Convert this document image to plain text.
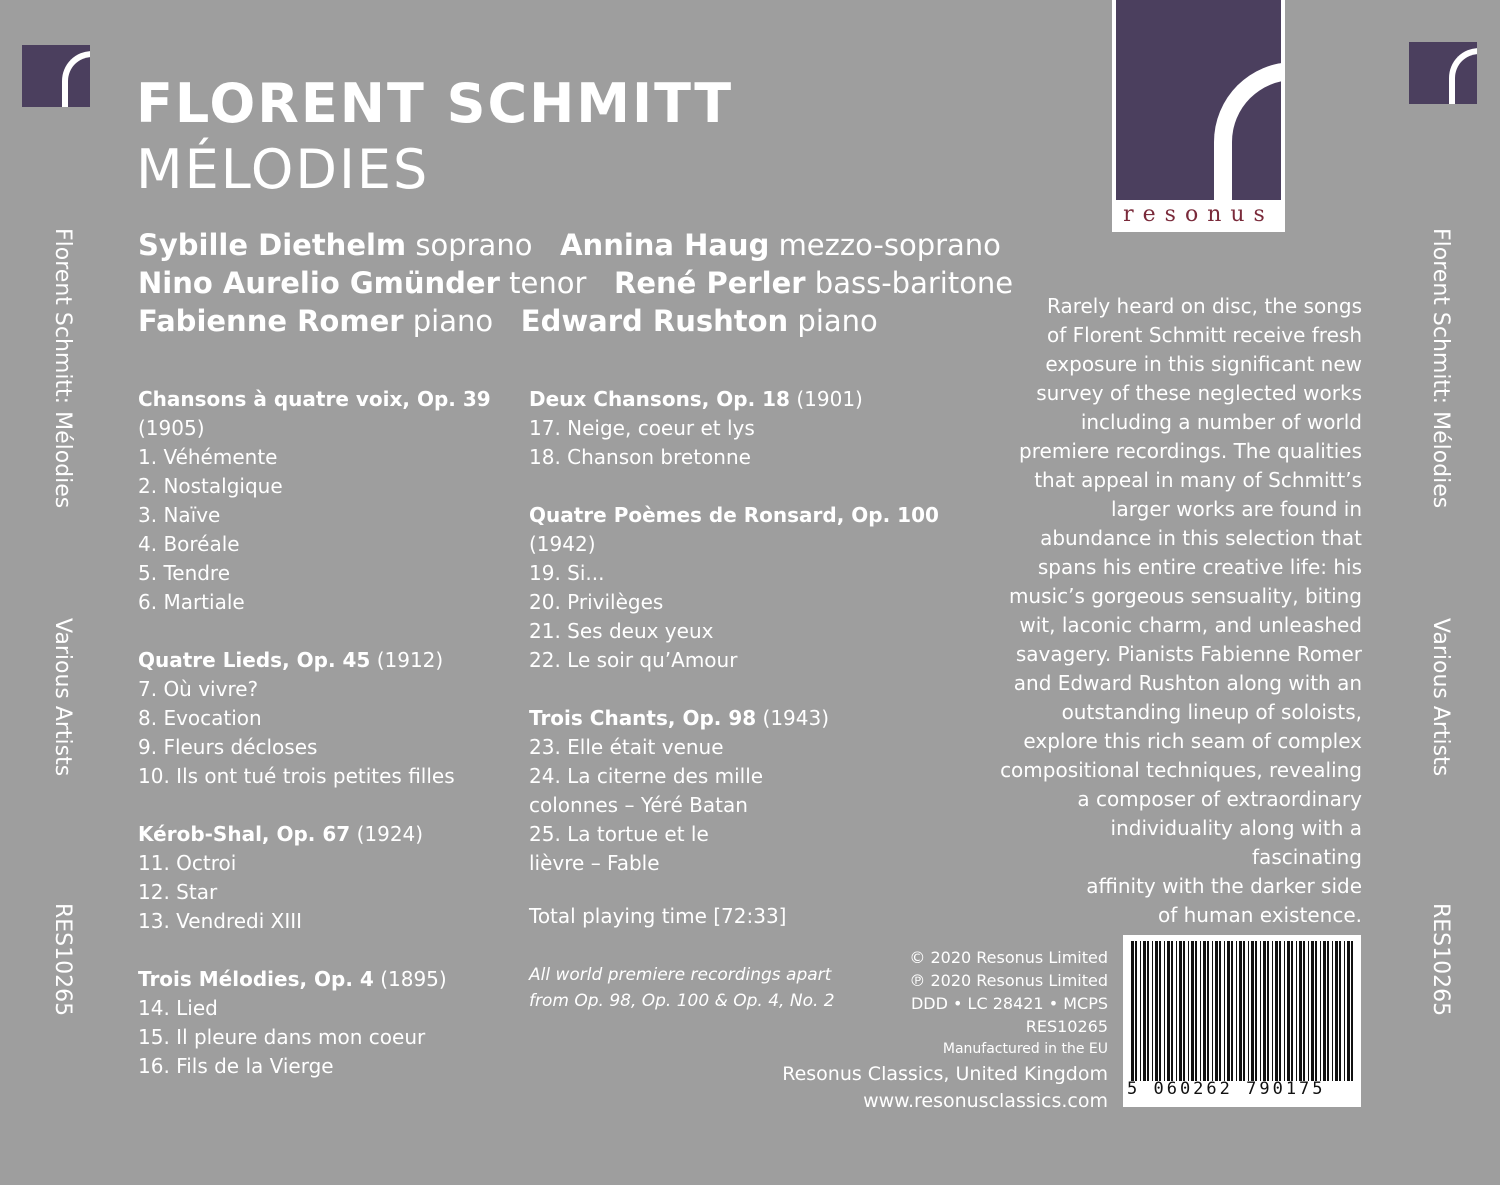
resonus
FLORENT SCHMITT
MÉLODIES
Sybille Diethelm soprano Annina Haug mezzo-soprano
Nino Aurelio Gmünder tenor René Perler bass-baritone
Fabienne Romer piano Edward Rushton piano
Chansons à quatre voix, Op. 39 (1905)
1. Véhémente
2. Nostalgique
3. Naïve
4. Boréale
5. Tendre
6. Martiale
Quatre Lieds, Op. 45 (1912)
7. Où vivre?
8. Evocation
9. Fleurs décloses
10. Ils ont tué trois petites filles
Kérob-Shal, Op. 67 (1924)
11. Octroi
12. Star
13. Vendredi XIII
Trois Mélodies, Op. 4 (1895)
14. Lied
15. Il pleure dans mon coeur
16. Fils de la Vierge
Deux Chansons, Op. 18 (1901)
17. Neige, coeur et lys
18. Chanson bretonne
Quatre Poèmes de Ronsard, Op. 100 (1942)
19. Si...
20. Privilèges
21. Ses deux yeux
22. Le soir qu’Amour
Trois Chants, Op. 98 (1943)
23. Elle était venue
24. La citerne des mille
colonnes – Yéré Batan
25. La tortue et le
lièvre – Fable
Total playing time [72:33]
All world premiere recordings apart
from Op. 98, Op. 100 & Op. 4, No. 2
Rarely heard on disc, the songs
of Florent Schmitt receive fresh
exposure in this significant new
survey of these neglected works
including a number of world
premiere recordings. The qualities
that appeal in many of Schmitt’s
larger works are found in
abundance in this selection that
spans his entire creative life: his
music’s gorgeous sensuality, biting
wit, laconic charm, and unleashed
savagery. Pianists Fabienne Romer
and Edward Rushton along with an
outstanding lineup of soloists,
explore this rich seam of complex
compositional techniques, revealing
a composer of extraordinary
individuality along with a fascinating
affinity with the darker side
of human existence.
© 2020 Resonus Limited
℗ 2020 Resonus Limited
DDD • LC 28421 • MCPS
RES10265
Manufactured in the EU
Resonus Classics, United Kingdom
www.resonusclassics.com
5 060262 790175
Florent Schmitt: Mélodies
Various Artists
RES10265
Florent Schmitt: Mélodies
Various Artists
RES10265
